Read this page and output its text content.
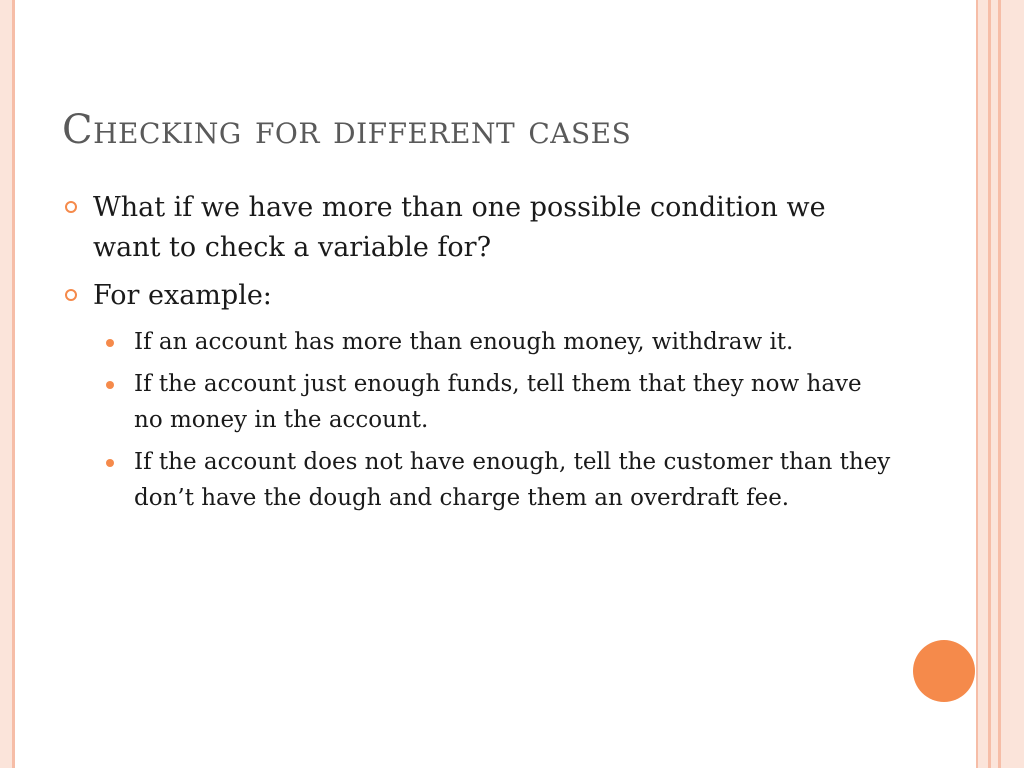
Checking for different cases
What if we have more than one possible condition we want to check a variable for?
For example:
If an account has more than enough money, withdraw it.
If the account just enough funds, tell them that they now have no money in the account.
If the account does not have enough, tell the customer than they don’t have the dough and charge them an overdraft fee.
